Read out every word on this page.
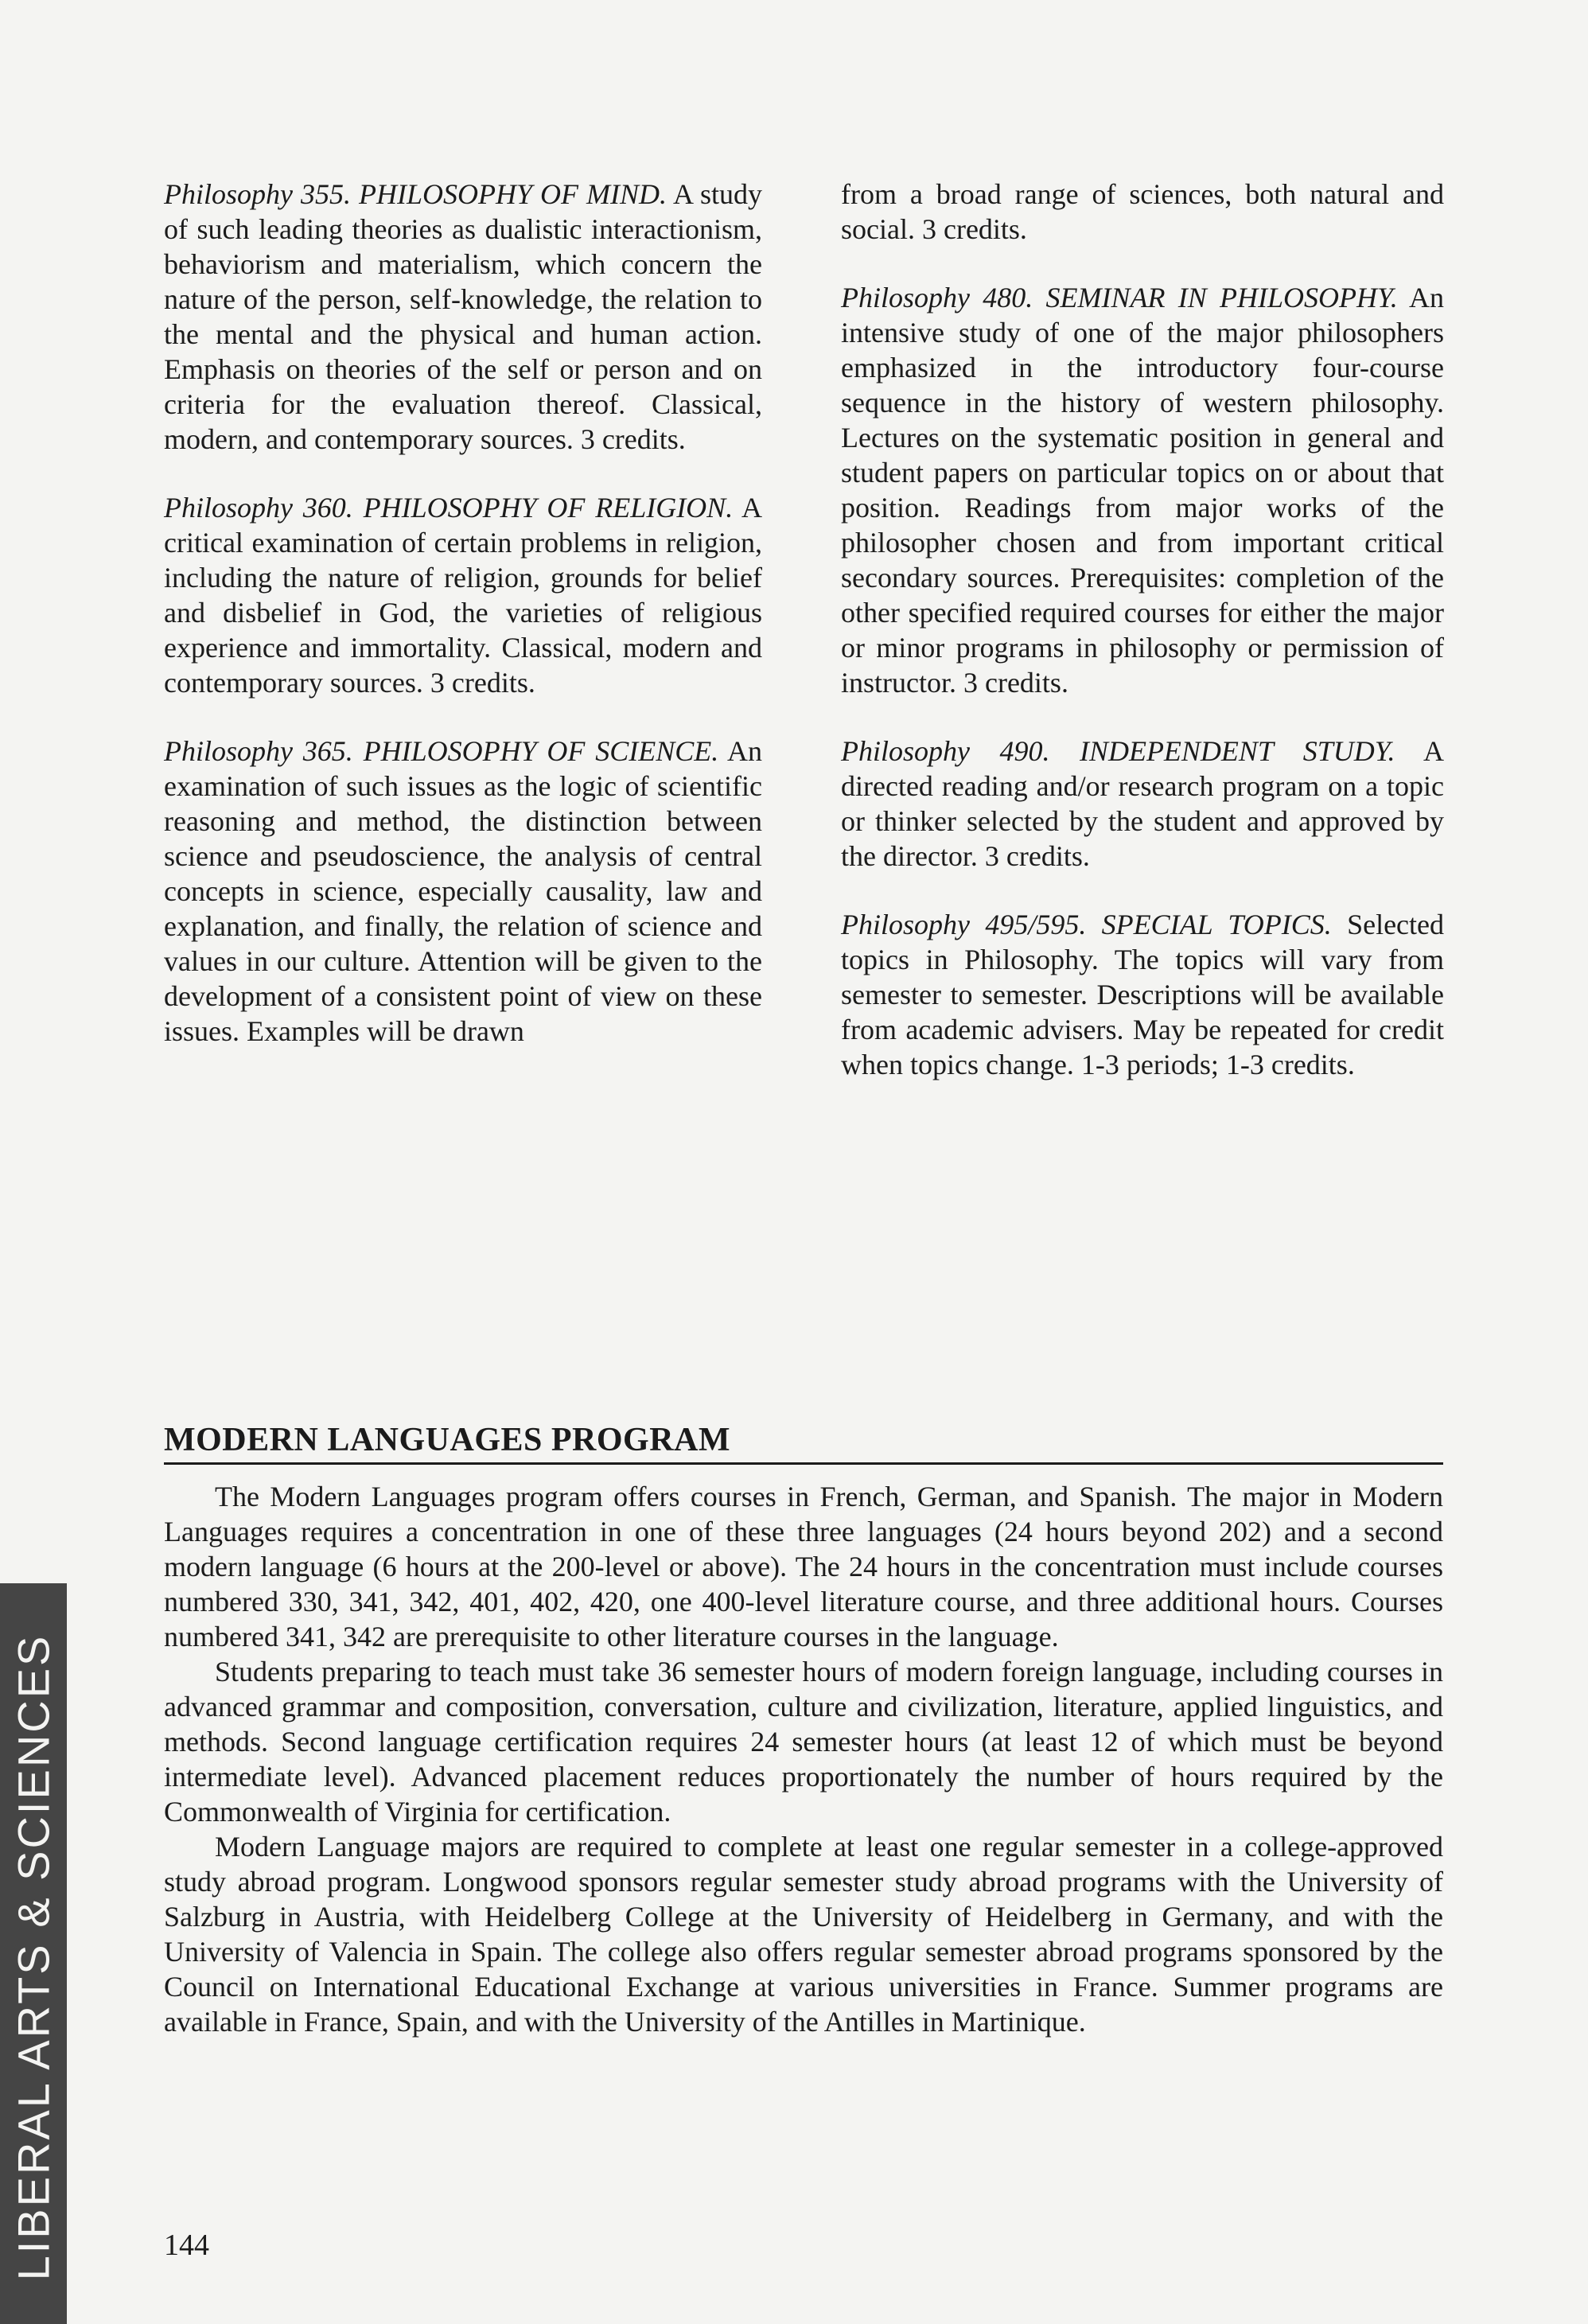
Philosophy 355. PHILOSOPHY OF MIND. A study of such leading theories as dualistic interactionism, behaviorism and materialism, which concern the nature of the person, self-knowledge, the relation to the mental and the physical and human action. Emphasis on theories of the self or person and on criteria for the evaluation thereof. Classical, modern, and contemporary sources. 3 credits.
Philosophy 360. PHILOSOPHY OF RELIGION. A critical examination of certain problems in religion, including the nature of religion, grounds for belief and disbelief in God, the varieties of religious experience and immortality. Classical, modern and contemporary sources. 3 credits.
Philosophy 365. PHILOSOPHY OF SCIENCE. An examination of such issues as the logic of scientific reasoning and method, the distinction between science and pseudoscience, the analysis of central concepts in science, especially causality, law and explanation, and finally, the relation of science and values in our culture. Attention will be given to the development of a consistent point of view on these issues. Examples will be drawn
from a broad range of sciences, both natural and social. 3 credits.
Philosophy 480. SEMINAR IN PHILOSOPHY. An intensive study of one of the major philosophers emphasized in the introductory four-course sequence in the history of western philosophy. Lectures on the systematic position in general and student papers on particular topics on or about that position. Readings from major works of the philosopher chosen and from important critical secondary sources. Prerequisites: completion of the other specified required courses for either the major or minor programs in philosophy or permission of instructor. 3 credits.
Philosophy 490. INDEPENDENT STUDY. A directed reading and/or research program on a topic or thinker selected by the student and approved by the director. 3 credits.
Philosophy 495/595. SPECIAL TOPICS. Selected topics in Philosophy. The topics will vary from semester to semester. Descriptions will be available from academic advisers. May be repeated for credit when topics change. 1-3 periods; 1-3 credits.
MODERN LANGUAGES PROGRAM

The Modern Languages program offers courses in French, German, and Spanish. The major in Modern Languages requires a concentration in one of these three languages (24 hours beyond 202) and a second modern language (6 hours at the 200-level or above). The 24 hours in the concentration must include courses numbered 330, 341, 342, 401, 402, 420, one 400-level literature course, and three additional hours. Courses numbered 341, 342 are prerequisite to other literature courses in the language.

Students preparing to teach must take 36 semester hours of modern foreign language, including courses in advanced grammar and composition, conversation, culture and civilization, literature, applied linguistics, and methods. Second language certification requires 24 semester hours (at least 12 of which must be beyond intermediate level). Advanced placement reduces proportionately the number of hours required by the Commonwealth of Virginia for certification.

Modern Language majors are required to complete at least one regular semester in a college-approved study abroad program. Longwood sponsors regular semester study abroad programs with the University of Salzburg in Austria, with Heidelberg College at the University of Heidelberg in Germany, and with the University of Valencia in Spain. The college also offers regular semester abroad programs sponsored by the Council on International Educational Exchange at various universities in France. Summer programs are available in France, Spain, and with the University of the Antilles in Martinique.

144
LIBERAL ARTS & SCIENCES
